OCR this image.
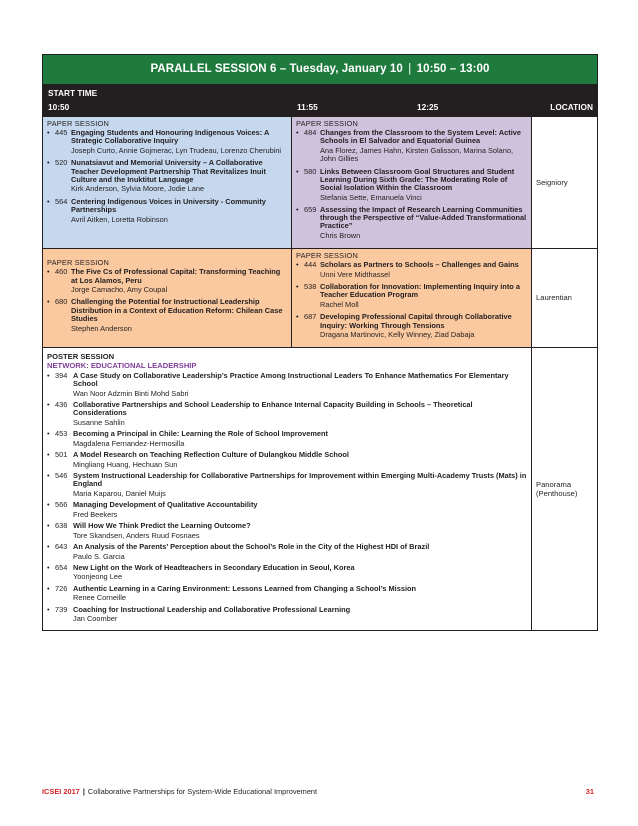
PARALLEL SESSION 6 – Tuesday, January 10 | 10:50 – 13:00
START TIME
10:50	11:55	12:25	LOCATION
PAPER SESSION
• 445 Engaging Students and Honouring Indigenous Voices: A Strategic Collaborative Inquiry
Joseph Curto, Annie Gojmerac, Lyn Trudeau, Lorenzo Cherubini
• 520 Nunatsiavut and Memorial University – A Collaborative Teacher Development Partnership That Revitalizes Inuit Culture and the Inuktitut Language
Kirk Anderson, Sylvia Moore, Jodie Lane
• 564 Centering Indigenous Voices in University - Community Partnerships
Avril Aitken, Loretta Robinson
PAPER SESSION
• 484 Changes from the Classroom to the System Level: Active Schools in El Salvador and Equatorial Guinea
Ana Florez, James Hahn, Kirsten Galisson, Marina Solano, John Gillies
• 580 Links Between Classroom Goal Structures and Student Learning During Sixth Grade: The Moderating Role of Social Isolation Within the Classroom
Stefania Sette, Emanuela Vinci
• 659 Assessing the Impact of Research Learning Communities through the Perspective of “Value-Added Transformational Practice”
Chris Brown
Seigniory
PAPER SESSION
• 460 The Five Cs of Professional Capital: Transforming Teaching at Los Alamos, Peru
Jorge Camacho, Amy Coupal
• 680 Challenging the Potential for Instructional Leadership Distribution in a Context of Education Reform: Chilean Case Studies
Stephen Anderson
PAPER SESSION
• 444 Scholars as Partners to Schools – Challenges and Gains
Unni Vere Midthassel
• 538 Collaboration for Innovation: Implementing Inquiry into a Teacher Education Program
Rachel Moll
• 687 Developing Professional Capital through Collaborative Inquiry: Working Through Tensions
Dragana Martinovic, Kelly Winney, Ziad Dabaja
Laurentian
POSTER SESSION
NETWORK: EDUCATIONAL LEADERSHIP
• 394 A Case Study on Collaborative Leadership’s Practice Among Instructional Leaders To Enhance Mathematics For Elementary School
Wan Noor Adzmin Binti Mohd Sabri
• 436 Collaborative Partnerships and School Leadership to Enhance Internal Capacity Building in Schools – Theoretical Considerations
Susanne Sahlin
• 453 Becoming a Principal in Chile: Learning the Role of School Improvement
Magdalena Fernandez-Hermosilla
• 501 A Model Research on Teaching Reflection Culture of Dulangkou Middle School
Mingliang Huang, Hechuan Sun
• 546 System Instructional Leadership for Collaborative Partnerships for Improvement within Emerging Multi-Academy Trusts (Mats) in England
Maria Kaparou, Daniel Muijs
• 566 Managing Development of Qualitative Accountability
Fred Beekers
• 638 Will How We Think Predict the Learning Outcome?
Tore Skandsen, Anders Ruud Fosnaes
• 643 An Analysis of the Parents’ Perception about the School’s Role in the City of the Highest HDI of Brazil
Paulo S. Garcia
• 654 New Light on the Work of Headteachers in Secondary Education in Seoul, Korea
Yoonjeong Lee
• 726 Authentic Learning in a Caring Environment: Lessons Learned from Changing a School’s Mission
Renee Corneille
• 739 Coaching for Instructional Leadership and Collaborative Professional Learning
Jan Coomber
Panorama (Penthouse)
ICSEI 2017 | Collaborative Partnerships for System-Wide Educational Improvement	31
